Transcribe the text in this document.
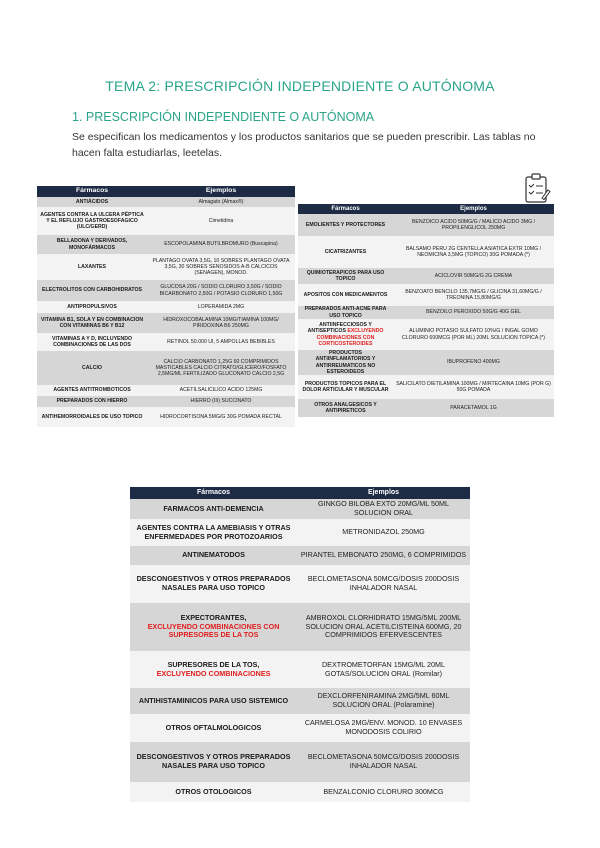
TEMA 2: PRESCRIPCIÓN INDEPENDIENTE O AUTÓNOMA
1. PRESCRIPCIÓN INDEPENDIENTE O AUTÓNOMA
Se especifican los medicamentos y los productos sanitarios que se pueden prescribir. Las tablas no hacen falta estudiarlas, leetelas.
Fármacos	Ejemplos
ANTIÁCIDOS	Almagato (Almax®)
AGENTES CONTRA LA ULCERA PÉPTICA Y EL REFLUJO GASTROESOFAGICO (ULC/GERD)	Cimetidina
BELLADONA Y DERIVADOS, MONOFÁRMACOS	ESCOPOLAMINA BUTILBROMURO (Buscapina)
LAXANTES	PLANTAGO OVATA 3,5G, 10 SOBRES PLANTAGO OVATA 3,5G, 30 SOBRES SENOSIDOS A-B CALCICOS (SENAGEN), MONOD.
ELECTROLITOS CON CARBOHIDRATOS	GLUCOSA 20G / SODIO CLORURO 3,50G / SODIO BICARBONATO 2,50G / POTASIO CLORURO 1,50G
ANTIPROPULSIVOS	LOPERAMIDA 2MG
VITAMINA B1, SOLA Y EN COMBINACION CON VITAMINAS B6 Y B12	HIDROXOCOBALAMINA 10MG/TIAMINA 100MG/ PIRIDOXINA B6 250MG
VITAMINAS A Y D, INCLUYENDO COMBINACIONES DE LAS DOS	RETINOL 50.000 UI, 5 AMPOLLAS BEBIBLES
CALCIO	CALCIO CARBONATO 1,25G 60 COMPRIMIDOS MASTICABLES CALCIO CITRATO/GLICERO/FOSFATO 2,5MG/ML FERTILIZADO GLUCONATO CALCIO 2,5G
AGENTES ANTITROMBOTICOS	ACETILSALICILICO ACIDO 125MG
PREPARADOS CON HIERRO	HIERRO (III) SUCCINATO
ANTIHEMORROIDALES DE USO TOPICO	HIDROCORTISONA 5MG/G 30G POMADA RECTAL
Fármacos	Ejemplos
EMOLIENTES Y PROTECTORES	BENZOICO ACIDO 50MG/G / MALICO ACIDO 3MG / PROPILENGLICOL 250MG
CICATRIZANTES	BALSAMO PERU 2G CENTELLA ASIATICA EXTR 10MG / NEOMICINA 3,5MG (TOPICO) 30G POMADA (*)
QUIMIOTERAPICOS PARA USO TOPICO	ACICLOVIR 50MG/G 2G CREMA
APOSITOS CON MEDICAMENTOS	BENZOATO BENCILO 135,7MG/G / GLICINA 31,60MG/G / TREONINA 15,80MG/G
PREPARADOS ANTI-ACNE PARA USO TOPICO	BENZOILO PEROXIDO 50G/G 40G GEL
ANTIINFECCIOSOS Y ANTISEPTICOS EXCLUYENDO COMBINACIONES CON CORTICOSTEROIDES	ALUMINIO POTASIO SULFATO 10%/G / INGAL GOMO CLORURO 600MCG (POR ML) 20ML SOLUCION TOPICA (*)
PRODUCTOS ANTIINFLAMATORIOS Y ANTIRREUMATICOS NO ESTEROIDEOS	IBUPROFENO 400MG
PRODUCTOS TOPICOS PARA EL DOLOR ARTICULAR Y MUSCULAR	SALICILATO DIETILAMINA 100MG / MIRTECAINA 10MG (POR G) 50G POMADA
OTROS ANALGESICOS Y ANTIPIRETICOS	PARACETAMOL 1G
Fármacos	Ejemplos
FARMACOS ANTI-DEMENCIA	GINKGO BILOBA EXTO 20MG/ML 50ML SOLUCION ORAL
AGENTES CONTRA LA AMEBIASIS Y OTRAS ENFERMEDADES POR PROTOZOARIOS	METRONIDAZOL 250MG
ANTINEMATODOS	PIRANTEL EMBONATO 250MG, 6 COMPRIMIDOS
DESCONGESTIVOS Y OTROS PREPARADOS NASALES PARA USO TOPICO	BECLOMETASONA 50MCG/DOSIS 200DOSIS INHALADOR NASAL
EXPECTORANTES,
EXCLUYENDO COMBINACIONES CON SUPRESORES DE LA TOS	AMBROXOL CLORHIDRATO 15MG/5ML 200ML SOLUCION ORAL ACETILCISTEINA 600MG, 20 COMPRIMIDOS EFERVESCENTES
SUPRESORES DE LA TOS,
EXCLUYENDO COMBINACIONES	DEXTROMETORFAN 15MG/ML 20ML GOTAS/SOLUCION ORAL (Romilar)
ANTIHISTAMINICOS PARA USO SISTEMICO	DEXCLORFENIRAMINA 2MG/5ML 60ML SOLUCION ORAL (Polaramine)
OTROS OFTALMOLOGICOS	CARMELOSA 2MG/ENV. MONOD. 10 ENVASES MONODOSIS COLIRIO
DESCONGESTIVOS Y OTROS PREPARADOS NASALES PARA USO TOPICO	BECLOMETASONA 50MCG/DOSIS 200DOSIS INHALADOR NASAL
OTROS OTOLOGICOS	BENZALCONIO CLORURO 300MCG
